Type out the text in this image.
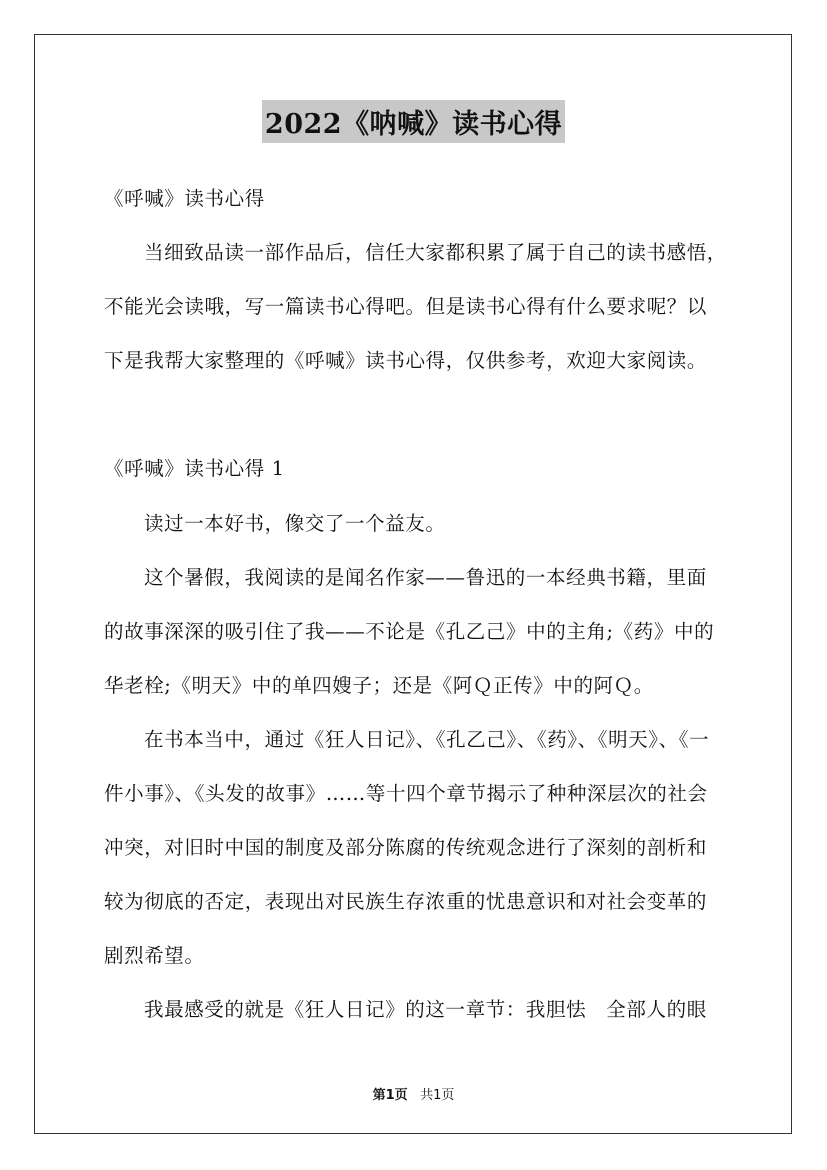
2022《呐喊》读书心得
《呼喊》读书心得
当细致品读一部作品后，信任大家都积累了属于自己的读书感悟，
不能光会读哦，写一篇读书心得吧。但是读书心得有什么要求呢？以
下是我帮大家整理的《呼喊》读书心得，仅供参考，欢迎大家阅读。
《呼喊》读书心得 1
读过一本好书，像交了一个益友。
这个暑假，我阅读的是闻名作家——鲁迅的一本经典书籍，里面
的故事深深的吸引住了我——不论是《孔乙己》中的主角;《药》中的
华老栓;《明天》中的单四嫂子；还是《阿Ｑ正传》中的阿Ｑ。
在书本当中，通过《狂人日记》、《孔乙己》、《药》、《明天》、《一
件小事》、《头发的故事》……等十四个章节揭示了种种深层次的社会
冲突，对旧时中国的制度及部分陈腐的传统观念进行了深刻的剖析和
较为彻底的否定，表现出对民族生存浓重的忧患意识和对社会变革的
剧烈希望。
我最感受的就是《狂人日记》的这一章节：我胆怯　全部人的眼
第1页 共1页
